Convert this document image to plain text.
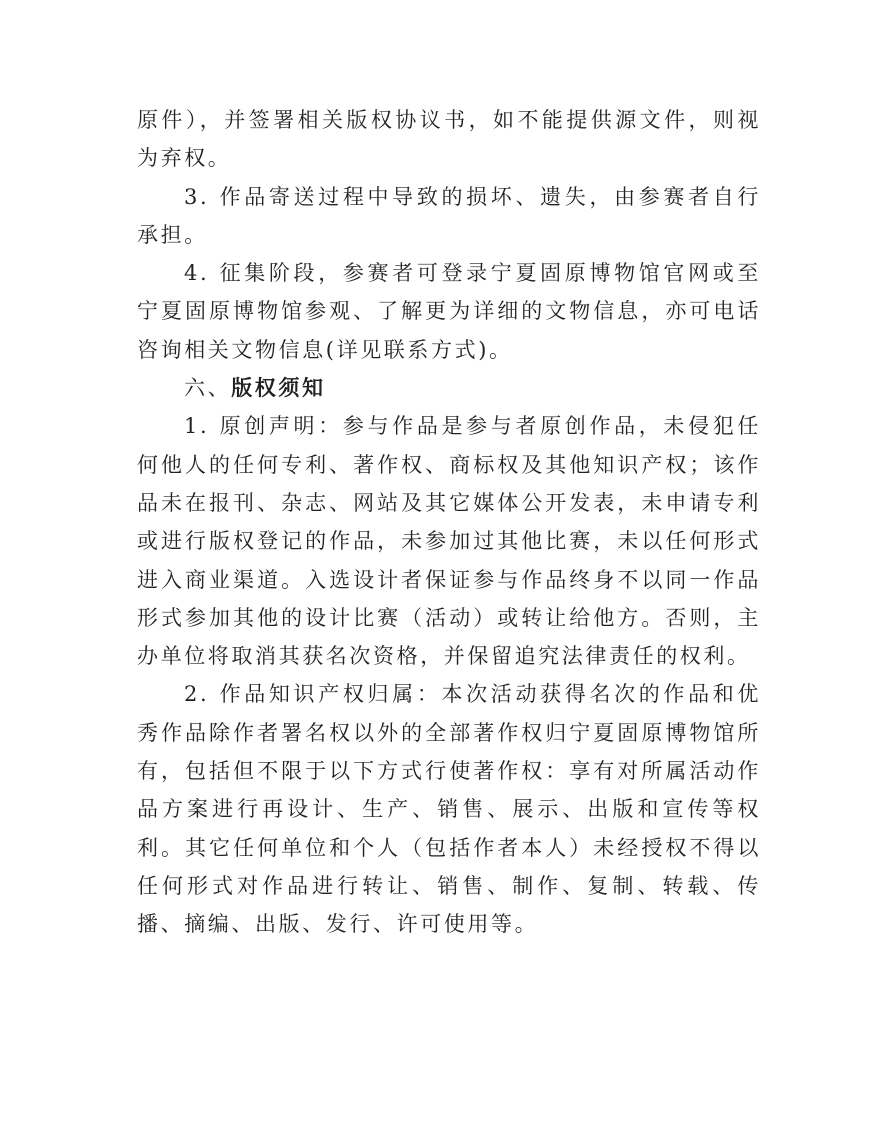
原件），并签署相关版权协议书，如不能提供源文件，则视为弃权。

3. 作品寄送过程中导致的损坏、遗失，由参赛者自行承担。

4. 征集阶段，参赛者可登录宁夏固原博物馆官网或至宁夏固原博物馆参观、了解更为详细的文物信息，亦可电话咨询相关文物信息(详见联系方式)。

六、版权须知

1. 原创声明：参与作品是参与者原创作品，未侵犯任何他人的任何专利、著作权、商标权及其他知识产权；该作品未在报刊、杂志、网站及其它媒体公开发表，未申请专利或进行版权登记的作品，未参加过其他比赛，未以任何形式进入商业渠道。入选设计者保证参与作品终身不以同一作品形式参加其他的设计比赛（活动）或转让给他方。否则，主办单位将取消其获名次资格，并保留追究法律责任的权利。

2. 作品知识产权归属：本次活动获得名次的作品和优秀作品除作者署名权以外的全部著作权归宁夏固原博物馆所有，包括但不限于以下方式行使著作权：享有对所属活动作品方案进行再设计、生产、销售、展示、出版和宣传等权利。其它任何单位和个人（包括作者本人）未经授权不得以任何形式对作品进行转让、销售、制作、复制、转载、传播、摘编、出版、发行、许可使用等。
